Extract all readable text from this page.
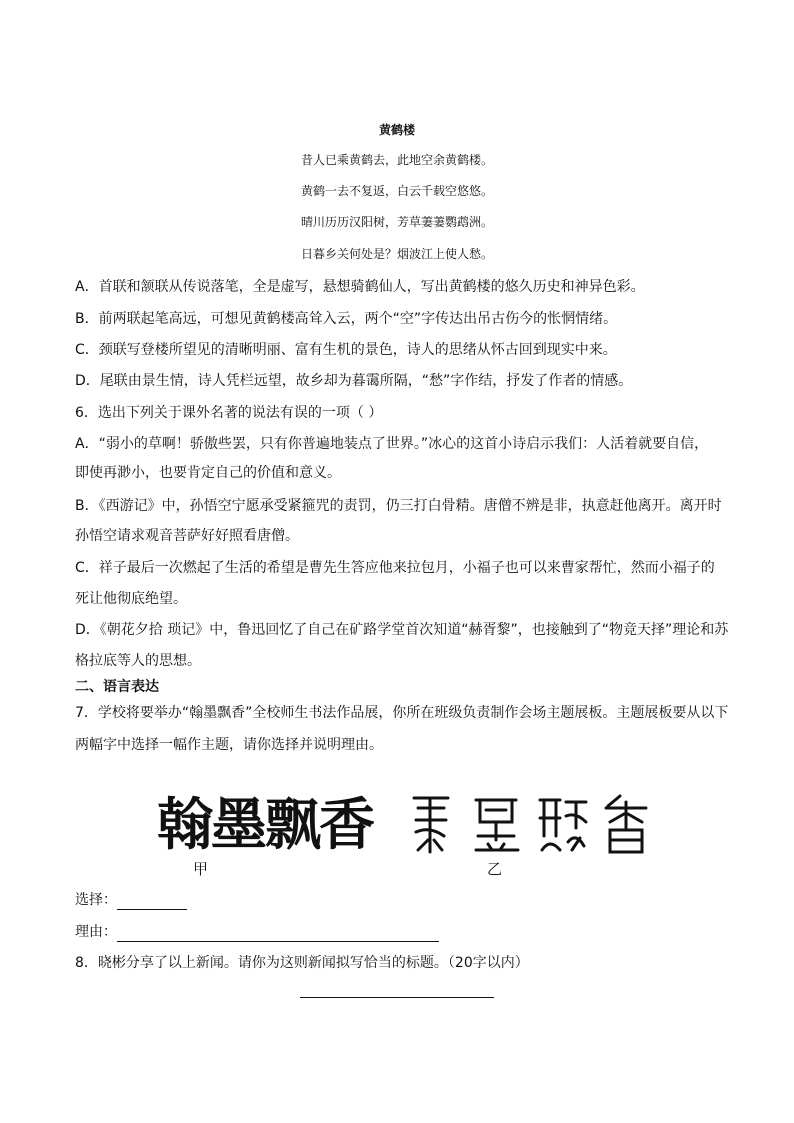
黄鹤楼
昔人已乘黄鹤去，此地空余黄鹤楼。
黄鹤一去不复返，白云千载空悠悠。
晴川历历汉阳树，芳草萋萋鹦鹉洲。
日暮乡关何处是？烟波江上使人愁。
A．首联和颔联从传说落笔，全是虚写，悬想骑鹤仙人，写出黄鹤楼的悠久历史和神异色彩。
B．前两联起笔高远，可想见黄鹤楼高耸入云，两个“空”字传达出吊古伤今的怅惘情绪。
C．颈联写登楼所望见的清晰明丽、富有生机的景色，诗人的思绪从怀古回到现实中来。
D．尾联由景生情，诗人凭栏远望，故乡却为暮霭所隔，“愁”字作结，抒发了作者的情感。
6．选出下列关于课外名著的说法有误的一项（ ）
A．“弱小的草啊！骄傲些罢，只有你普遍地装点了世界。”冰心的这首小诗启示我们：人活着就要自信，
即使再渺小，也要肯定自己的价值和意义。
B．《西游记》中，孙悟空宁愿承受紧箍咒的责罚，仍三打白骨精。唐僧不辨是非，执意赶他离开。离开时
孙悟空请求观音菩萨好好照看唐僧。
C．祥子最后一次燃起了生活的希望是曹先生答应他来拉包月，小福子也可以来曹家帮忙，然而小福子的
死让他彻底绝望。
D．《朝花夕拾 琐记》中，鲁迅回忆了自己在矿路学堂首次知道“赫胥黎”，也接触到了“物竞天择”理论和苏
格拉底等人的思想。
二、语言表达
7．学校将要举办“翰墨飘香”全校师生书法作品展，你所在班级负责制作会场主题展板。主题展板要从以下
两幅字中选择一幅作主题，请你选择并说明理由。
翰墨飘香
甲	乙
选择：
理由：
8．晓彬分享了以上新闻。请你为这则新闻拟写恰当的标题。（20字以内）
